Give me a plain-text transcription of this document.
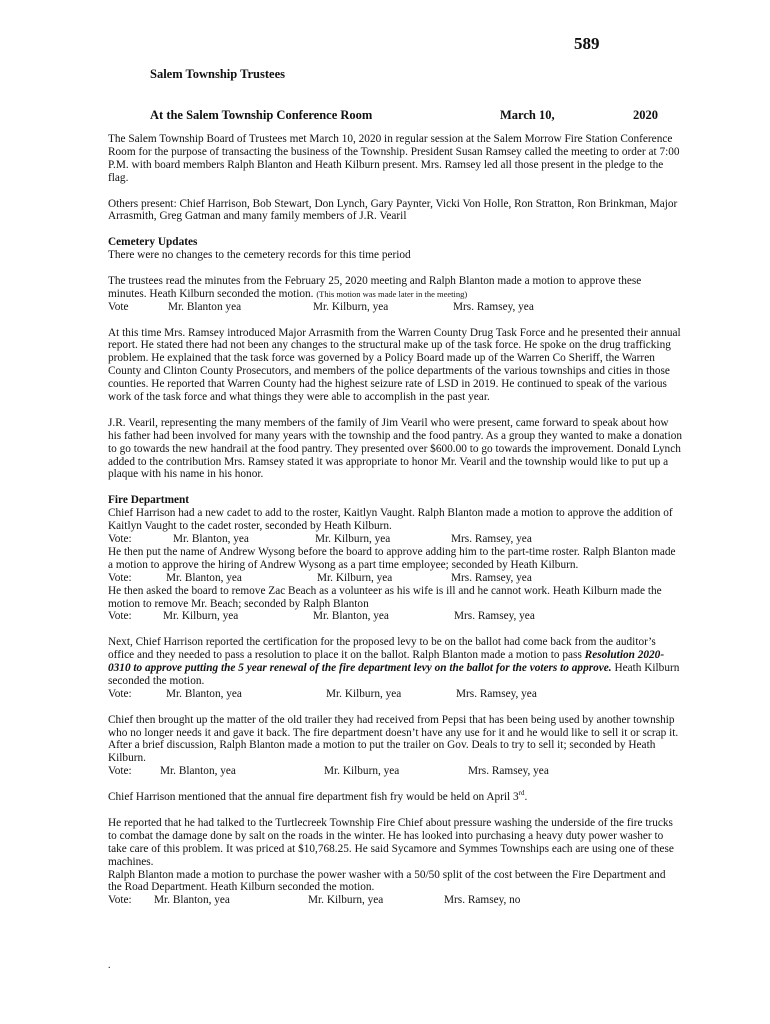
589
Salem Township Trustees
At the Salem Township Conference Room	March 10,	2020

The Salem Township Board of Trustees met March 10, 2020 in regular session at the Salem Morrow Fire Station Conference Room for the purpose of transacting the business of the Township. President Susan Ramsey called the meeting to order at 7:00 P.M. with board members Ralph Blanton and Heath Kilburn present. Mrs. Ramsey led all those present in the pledge to the flag.

Others present: Chief Harrison, Bob Stewart, Don Lynch, Gary Paynter, Vicki Von Holle, Ron Stratton, Ron Brinkman, Major Arrasmith, Greg Gatman and many family members of J.R. Vearil

Cemetery Updates

There were no changes to the cemetery records for this time period

The trustees read the minutes from the February 25, 2020 meeting and Ralph Blanton made a motion to approve these minutes. Heath Kilburn seconded the motion. (This motion was made later in the meeting)

Vote	Mr. Blanton yea	Mr. Kilburn, yea	Mrs. Ramsey, yea

At this time Mrs. Ramsey introduced Major Arrasmith from the Warren County Drug Task Force and he presented their annual report. He stated there had not been any changes to the structural make up of the task force. He spoke on the drug trafficking problem. He explained that the task force was governed by a Policy Board made up of the Warren Co Sheriff, the Warren County and Clinton County Prosecutors, and members of the police departments of the various townships and cities in those counties. He reported that Warren County had the highest seizure rate of LSD in 2019. He continued to speak of the various work of the task force and what things they were able to accomplish in the past year.

J.R. Vearil, representing the many members of the family of Jim Vearil who were present, came forward to speak about how his father had been involved for many years with the township and the food pantry. As a group they wanted to make a donation to go towards the new handrail at the food pantry. They presented over $600.00 to go towards the improvement. Donald Lynch added to the contribution Mrs. Ramsey stated it was appropriate to honor Mr. Vearil and the township would like to put up a plaque with his name in his honor.

Fire Department

Chief Harrison had a new cadet to add to the roster, Kaitlyn Vaught. Ralph Blanton made a motion to approve the addition of Kaitlyn Vaught to the cadet roster, seconded by Heath Kilburn.

Vote:	Mr. Blanton, yea	Mr. Kilburn, yea	Mrs. Ramsey, yea

He then put the name of Andrew Wysong before the board to approve adding him to the part-time roster. Ralph Blanton made a motion to approve the hiring of Andrew Wysong as a part time employee; seconded by Heath Kilburn.

Vote:	Mr. Blanton, yea	Mr. Kilburn, yea	Mrs. Ramsey, yea

He then asked the board to remove Zac Beach as a volunteer as his wife is ill and he cannot work. Heath Kilburn made the motion to remove Mr. Beach; seconded by Ralph Blanton

Vote:	Mr. Kilburn, yea	Mr. Blanton, yea	Mrs. Ramsey, yea

Next, Chief Harrison reported the certification for the proposed levy to be on the ballot had come back from the auditor’s office and they needed to pass a resolution to place it on the ballot. Ralph Blanton made a motion to pass Resolution 2020-0310 to approve putting the 5 year renewal of the fire department levy on the ballot for the voters to approve. Heath Kilburn seconded the motion.

Vote:	Mr. Blanton, yea	Mr. Kilburn, yea	Mrs. Ramsey, yea

Chief then brought up the matter of the old trailer they had received from Pepsi that has been being used by another township who no longer needs it and gave it back. The fire department doesn’t have any use for it and he would like to sell it or scrap it. After a brief discussion, Ralph Blanton made a motion to put the trailer on Gov. Deals to try to sell it; seconded by Heath Kilburn.

Vote:	Mr. Blanton, yea	Mr. Kilburn, yea	Mrs. Ramsey, yea

Chief Harrison mentioned that the annual fire department fish fry would be held on April 3rd.

He reported that he had talked to the Turtlecreek Township Fire Chief about pressure washing the underside of the fire trucks to combat the damage done by salt on the roads in the winter. He has looked into purchasing a heavy duty power washer to take care of this problem. It was priced at $10,768.25. He said Sycamore and Symmes Townships each are using one of these machines.

Ralph Blanton made a motion to purchase the power washer with a 50/50 split of the cost between the Fire Department and the Road Department. Heath Kilburn seconded the motion.

Vote: Mr. Blanton, yea	Mr. Kilburn, yea	Mrs. Ramsey, no

.
